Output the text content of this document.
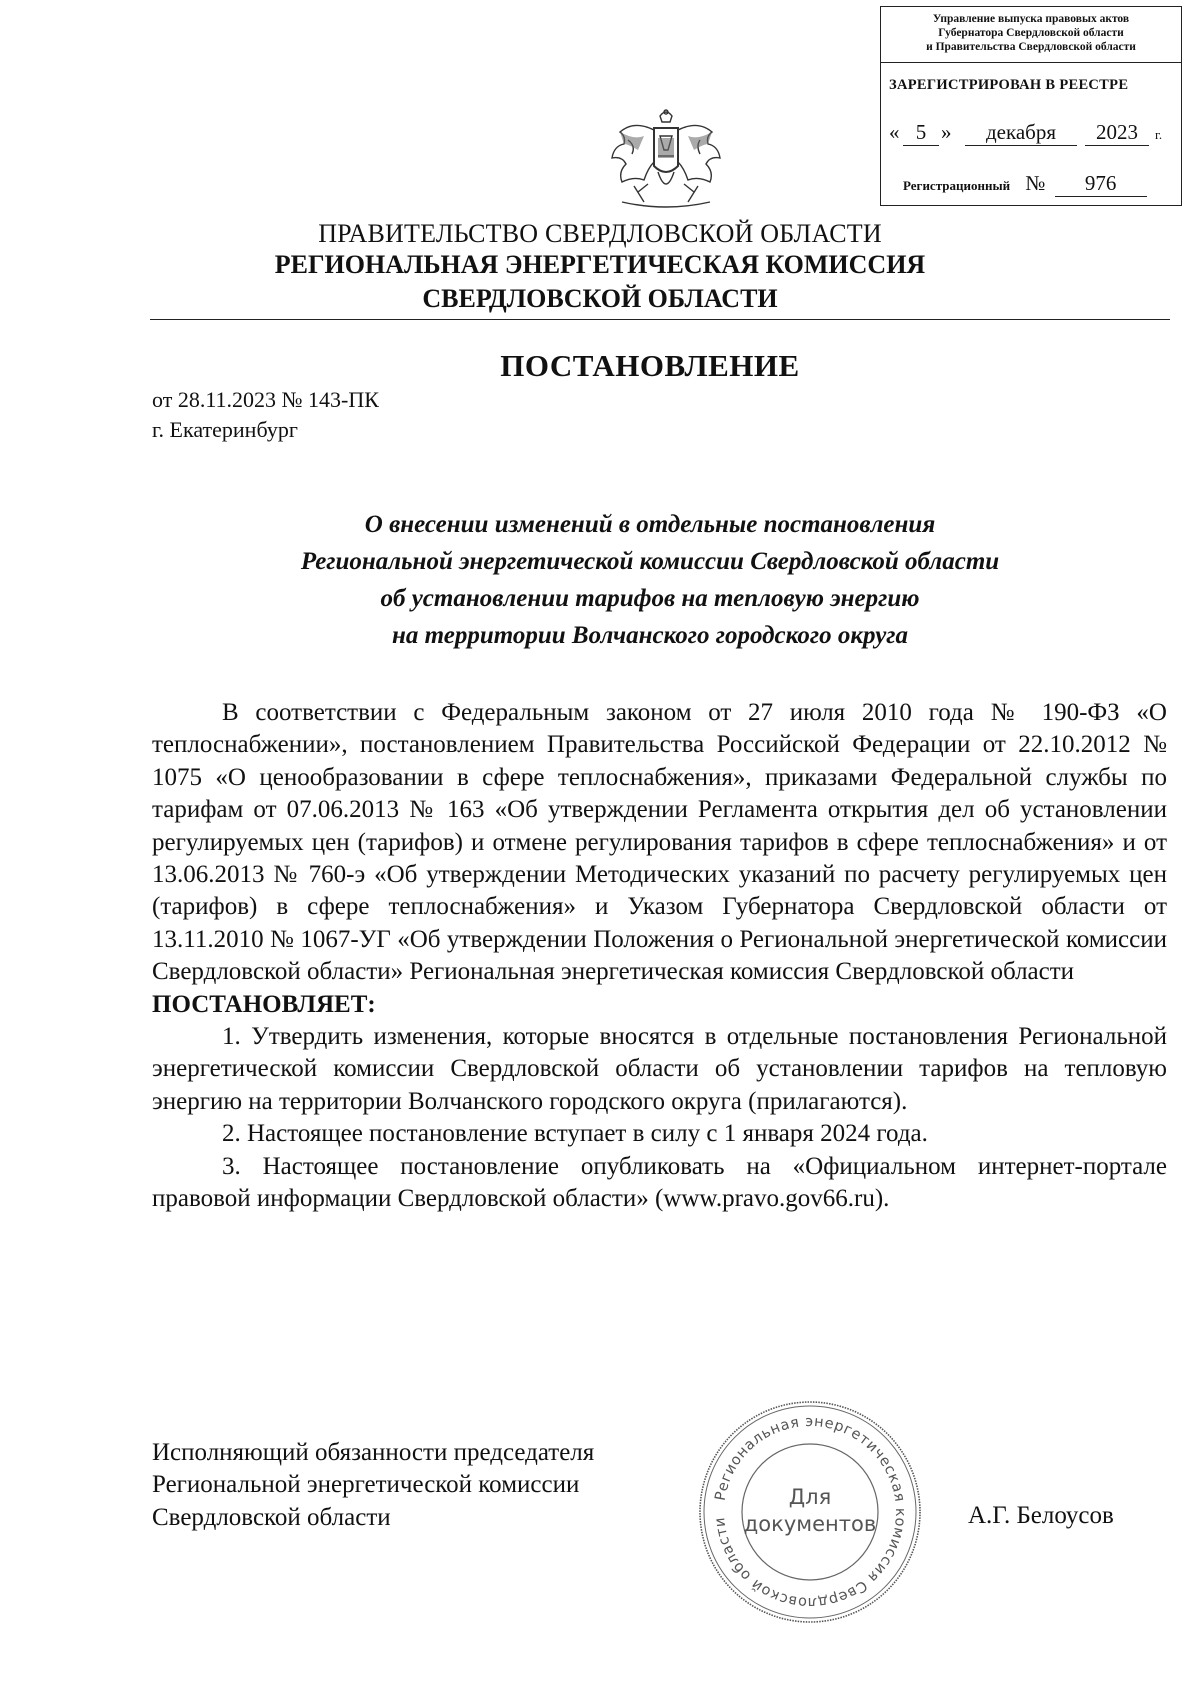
Управление выпуска правовых актов
Губернатора Свердловской области
и Правительства Свердловской области
ЗАРЕГИСТРИРОВАН В РЕЕСТРЕ
« 5 »	декабря	2023	г.
Регистрационный № 976
ПРАВИТЕЛЬСТВО СВЕРДЛОВСКОЙ ОБЛАСТИ
РЕГИОНАЛЬНАЯ ЭНЕРГЕТИЧЕСКАЯ КОМИССИЯ
СВЕРДЛОВСКОЙ ОБЛАСТИ
ПОСТАНОВЛЕНИЕ
от 28.11.2023 № 143-ПК
г. Екатеринбург
О внесении изменений в отдельные постановления
Региональной энергетической комиссии Свердловской области
об установлении тарифов на тепловую энергию
на территории Волчанского городского округа

В соответствии с Федеральным законом от 27 июля 2010 года № 190-ФЗ «О теплоснабжении», постановлением Правительства Российской Федерации от 22.10.2012 № 1075 «О ценообразовании в сфере теплоснабжения», приказами Федеральной службы по тарифам от 07.06.2013 № 163 «Об утверждении Регламента открытия дел об установлении регулируемых цен (тарифов) и отмене регулирования тарифов в сфере теплоснабжения» и от 13.06.2013 № 760-э «Об утверждении Методических указаний по расчету регулируемых цен (тарифов) в сфере теплоснабжения» и Указом Губернатора Свердловской области от 13.11.2010 № 1067-УГ «Об утверждении Положения о Региональной энергетической комиссии Свердловской области» Региональная энергетическая комиссия Свердловской области

ПОСТАНОВЛЯЕТ:

1. Утвердить изменения, которые вносятся в отдельные постановления Региональной энергетической комиссии Свердловской области об установлении тарифов на тепловую энергию на территории Волчанского городского округа (прилагаются).

2. Настоящее постановление вступает в силу с 1 января 2024 года.

3. Настоящее постановление опубликовать на «Официальном интернет-портале правовой информации Свердловской области» (www.pravo.gov66.ru).

Исполняющий обязанности председателя
Региональной энергетической комиссии
Свердловской области
Региональная энергетическая комиссия Свердловской области
Для
документов	А.Г. Белоусов
